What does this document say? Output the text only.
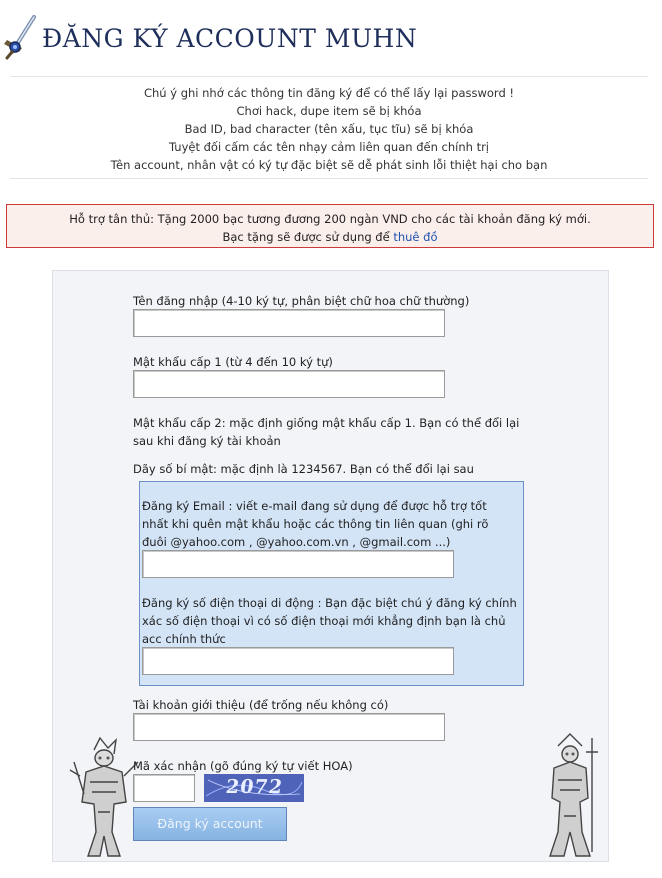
ĐĂNG KÝ ACCOUNT MUHN
Chú ý ghi nhớ các thông tin đăng ký để có thể lấy lại password !
Chơi hack, dupe item sẽ bị khóa
Bad ID, bad character (tên xấu, tục tĩu) sẽ bị khóa
Tuyệt đối cấm các tên nhạy cảm liên quan đến chính trị
Tên account, nhân vật có ký tự đặc biệt sẽ dễ phát sinh lỗi thiệt hại cho bạn
Hỗ trợ tân thủ: Tặng 2000 bạc tương đương 200 ngàn VND cho các tài khoản đăng ký mới.
Bạc tặng sẽ được sử dụng để thuê đồ
Tên đăng nhập (4-10 ký tự, phân biệt chữ hoa chữ thường)
Mật khẩu cấp 1 (từ 4 đến 10 ký tự)
Mật khẩu cấp 2: mặc định giống mật khẩu cấp 1. Bạn có thể đổi lại sau khi đăng ký tài khoản
Dãy số bí mật: mặc định là 1234567. Bạn có thể đổi lại sau
Đăng ký Email : viết e-mail đang sử dụng để được hỗ trợ tốt nhất khi quên mật khẩu hoặc các thông tin liên quan (ghi rõ đuôi @yahoo.com , @yahoo.com.vn , @gmail.com ...)
Đăng ký số điện thoại di động : Bạn đặc biệt chú ý đăng ký chính xác số điện thoại vì có số điện thoại mới khẳng định bạn là chủ acc chính thức
Tài khoản giới thiệu (để trống nếu không có)
Mã xác nhận (gõ đúng ký tự viết HOA)
2072
Đăng ký account
